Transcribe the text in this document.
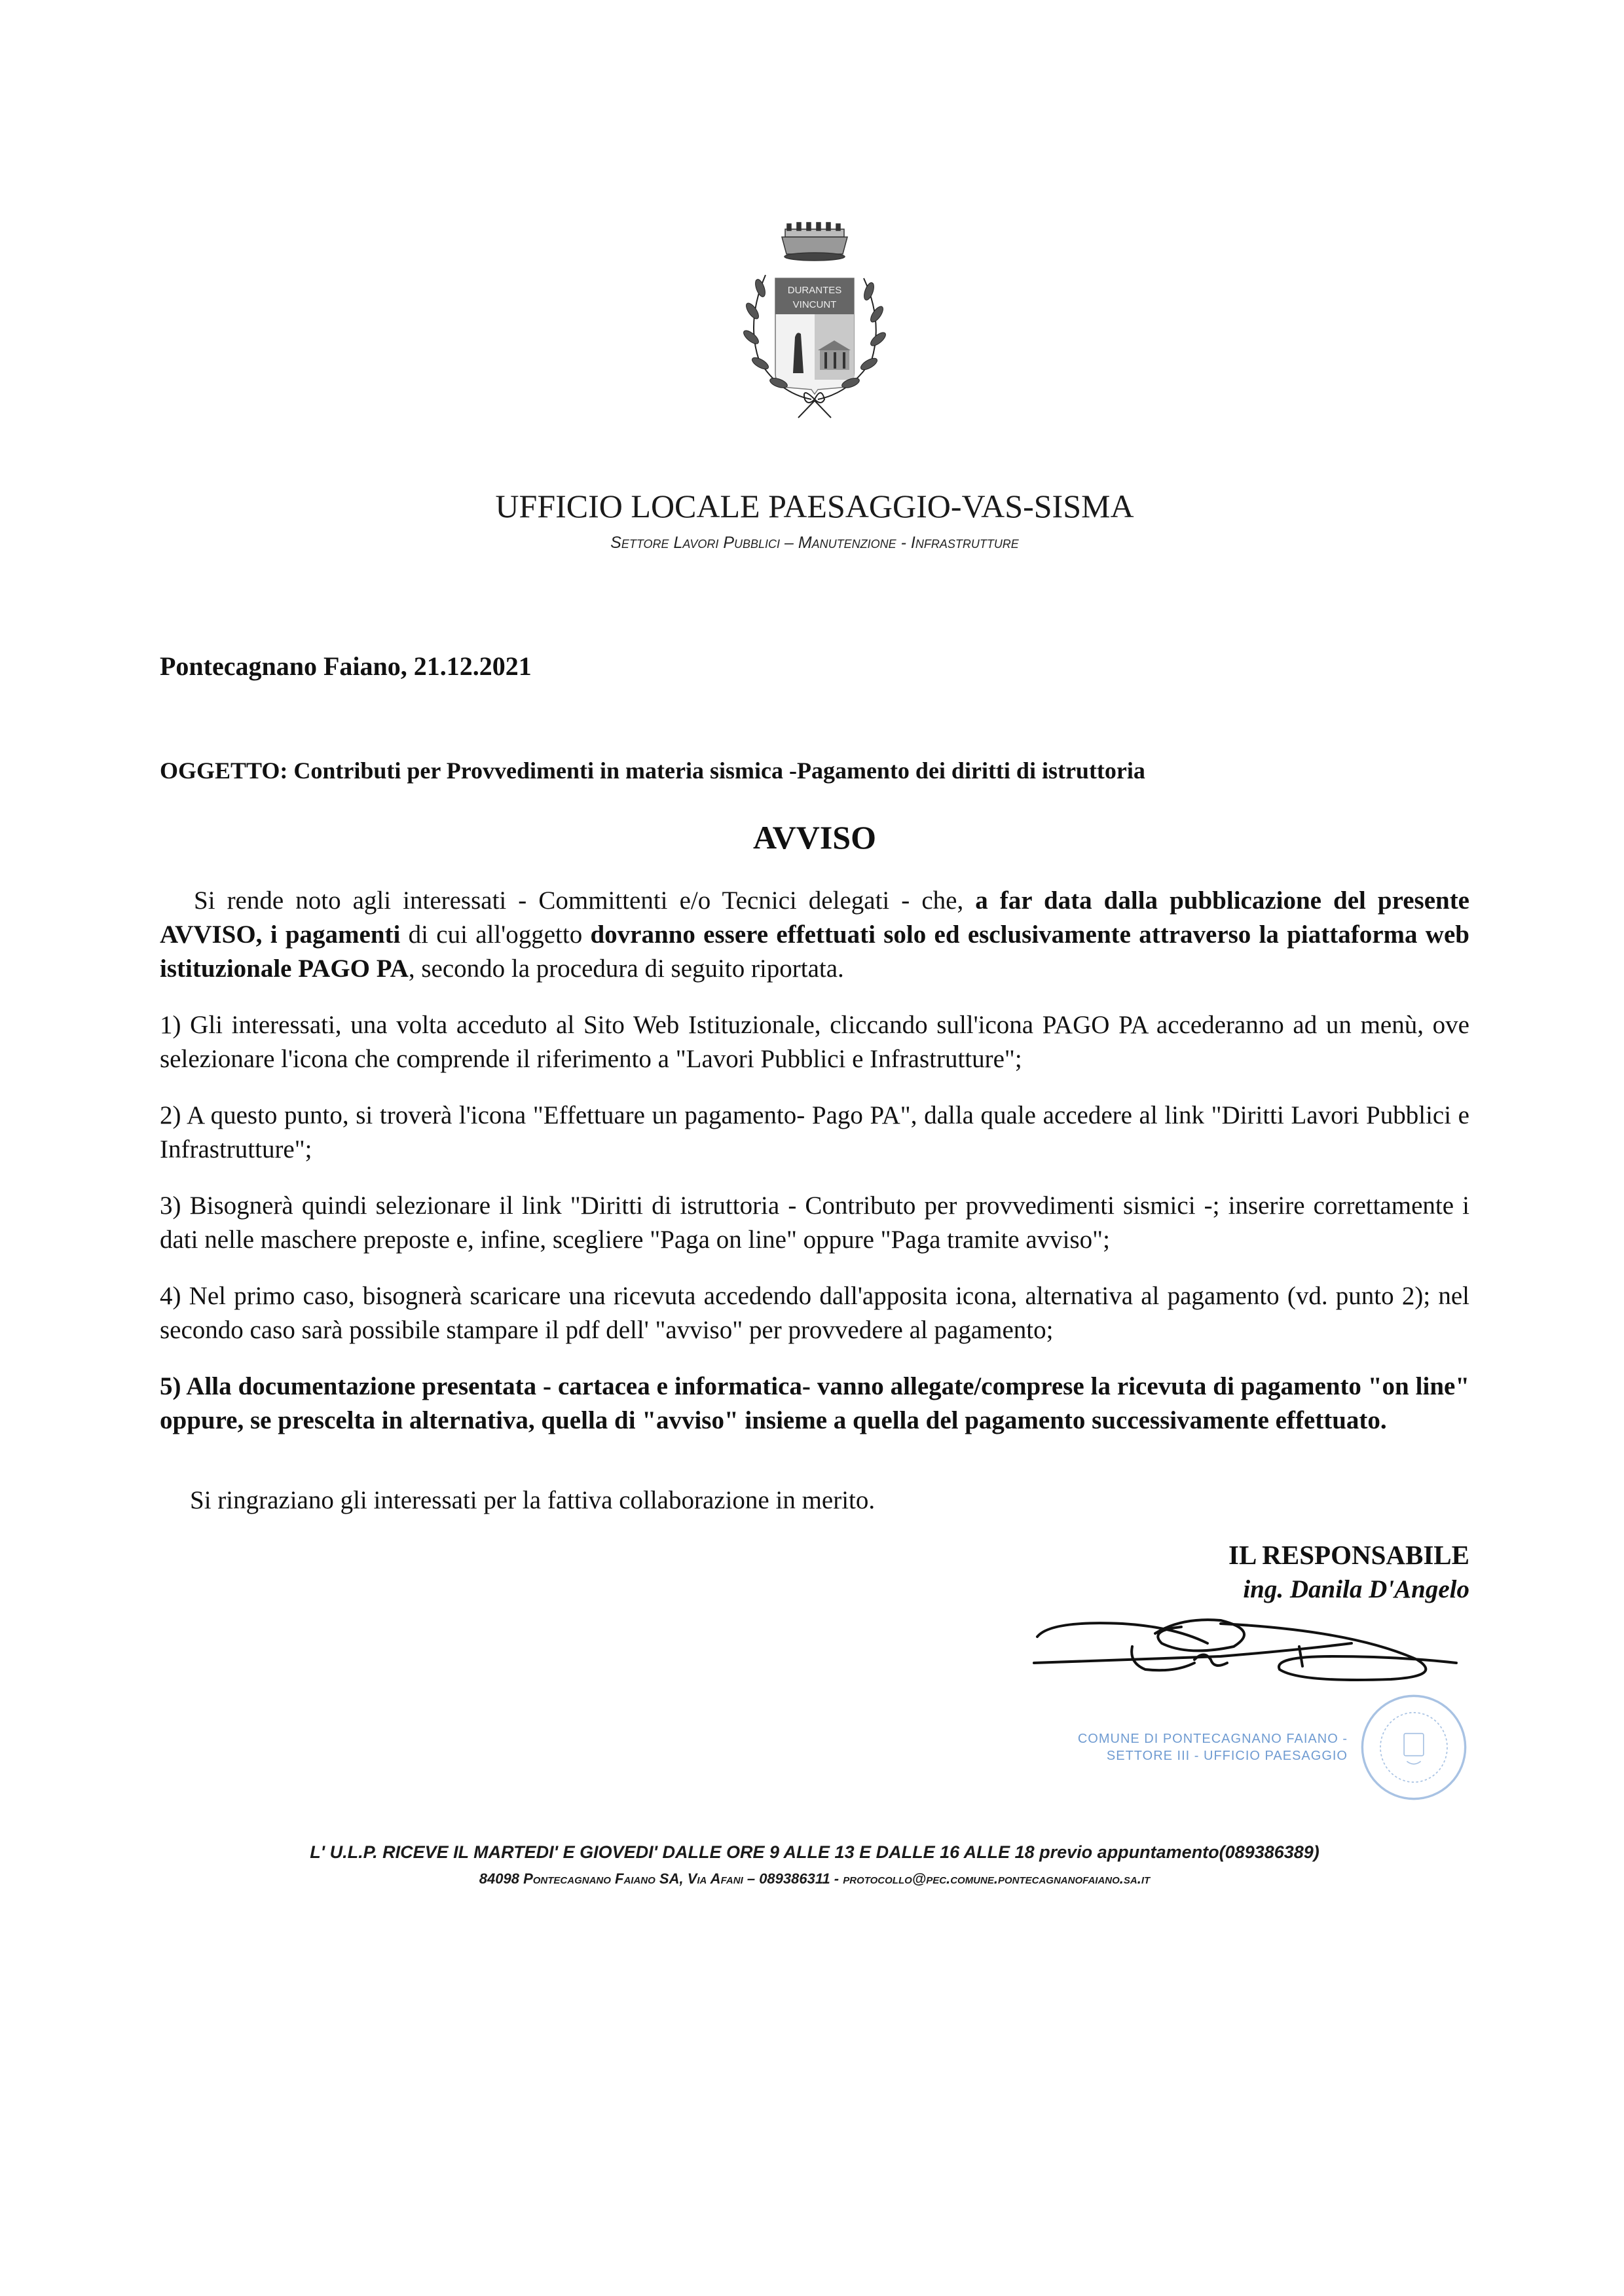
DURANTES
VINCUNT
UFFICIO LOCALE PAESAGGIO-VAS-SISMA
Settore Lavori Pubblici – Manutenzione - Infrastrutture
Pontecagnano Faiano, 21.12.2021
OGGETTO: Contributi per Provvedimenti in materia sismica -Pagamento dei diritti di istruttoria
AVVISO
Si rende noto agli interessati - Committenti e/o Tecnici delegati - che, a far data dalla pubblicazione del presente AVVISO, i pagamenti di cui all'oggetto dovranno essere effettuati solo ed esclusivamente attraverso la piattaforma web istituzionale PAGO PA, secondo la procedura di seguito riportata.
1) Gli interessati, una volta acceduto al Sito Web Istituzionale, cliccando sull'icona PAGO PA accederanno ad un menù, ove selezionare l'icona che comprende il riferimento a "Lavori Pubblici e Infrastrutture";
2) A questo punto, si troverà l'icona "Effettuare un pagamento- Pago PA", dalla quale accedere al link "Diritti Lavori Pubblici e Infrastrutture";
3) Bisognerà quindi selezionare il link "Diritti di istruttoria - Contributo per provvedimenti sismici -; inserire correttamente i dati nelle maschere preposte e, infine, scegliere "Paga on line" oppure "Paga tramite avviso";
4) Nel primo caso, bisognerà scaricare una ricevuta accedendo dall'apposita icona, alternativa al pagamento (vd. punto 2); nel secondo caso sarà possibile stampare il pdf dell' "avviso" per provvedere al pagamento;
5) Alla documentazione presentata - cartacea e informatica- vanno allegate/comprese la ricevuta di pagamento "on line" oppure, se prescelta in alternativa, quella di "avviso" insieme a quella del pagamento successivamente effettuato.
Si ringraziano gli interessati per la fattiva collaborazione in merito.
IL RESPONSABILE
ing. Danila D'Angelo
COMUNE DI PONTECAGNANO FAIANO - SETTORE III - UFFICIO PAESAGGIO
L' U.L.P. RICEVE IL MARTEDI' E GIOVEDI' DALLE ORE 9 ALLE 13 E DALLE 16 ALLE 18 previo appuntamento(089386389)
84098 Pontecagnano Faiano SA, Via Afani – 089386311 - protocollo@pec.comune.pontecagnanofaiano.sa.it
